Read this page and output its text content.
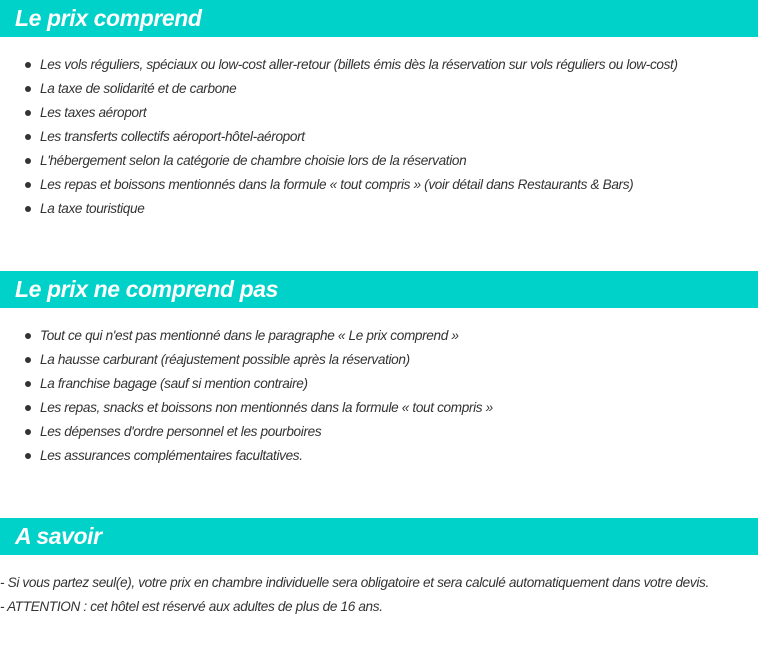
Le prix comprend
Les vols réguliers, spéciaux ou low-cost aller-retour (billets émis dès la réservation sur vols réguliers ou low-cost)
La taxe de solidarité et de carbone
Les taxes aéroport
Les transferts collectifs aéroport-hôtel-aéroport
L'hébergement selon la catégorie de chambre choisie lors de la réservation
Les repas et boissons mentionnés dans la formule « tout compris » (voir détail dans Restaurants & Bars)
La taxe touristique
Le prix ne comprend pas
Tout ce qui n'est pas mentionné dans le paragraphe « Le prix comprend »
La hausse carburant (réajustement possible après la réservation)
La franchise bagage (sauf si mention contraire)
Les repas, snacks et boissons non mentionnés dans la formule « tout compris »
Les dépenses d'ordre personnel et les pourboires
Les assurances complémentaires facultatives.
A savoir

- Si vous partez seul(e), votre prix en chambre individuelle sera obligatoire et sera calculé automatiquement dans votre devis.

- ATTENTION : cet hôtel est réservé aux adultes de plus de 16 ans.
